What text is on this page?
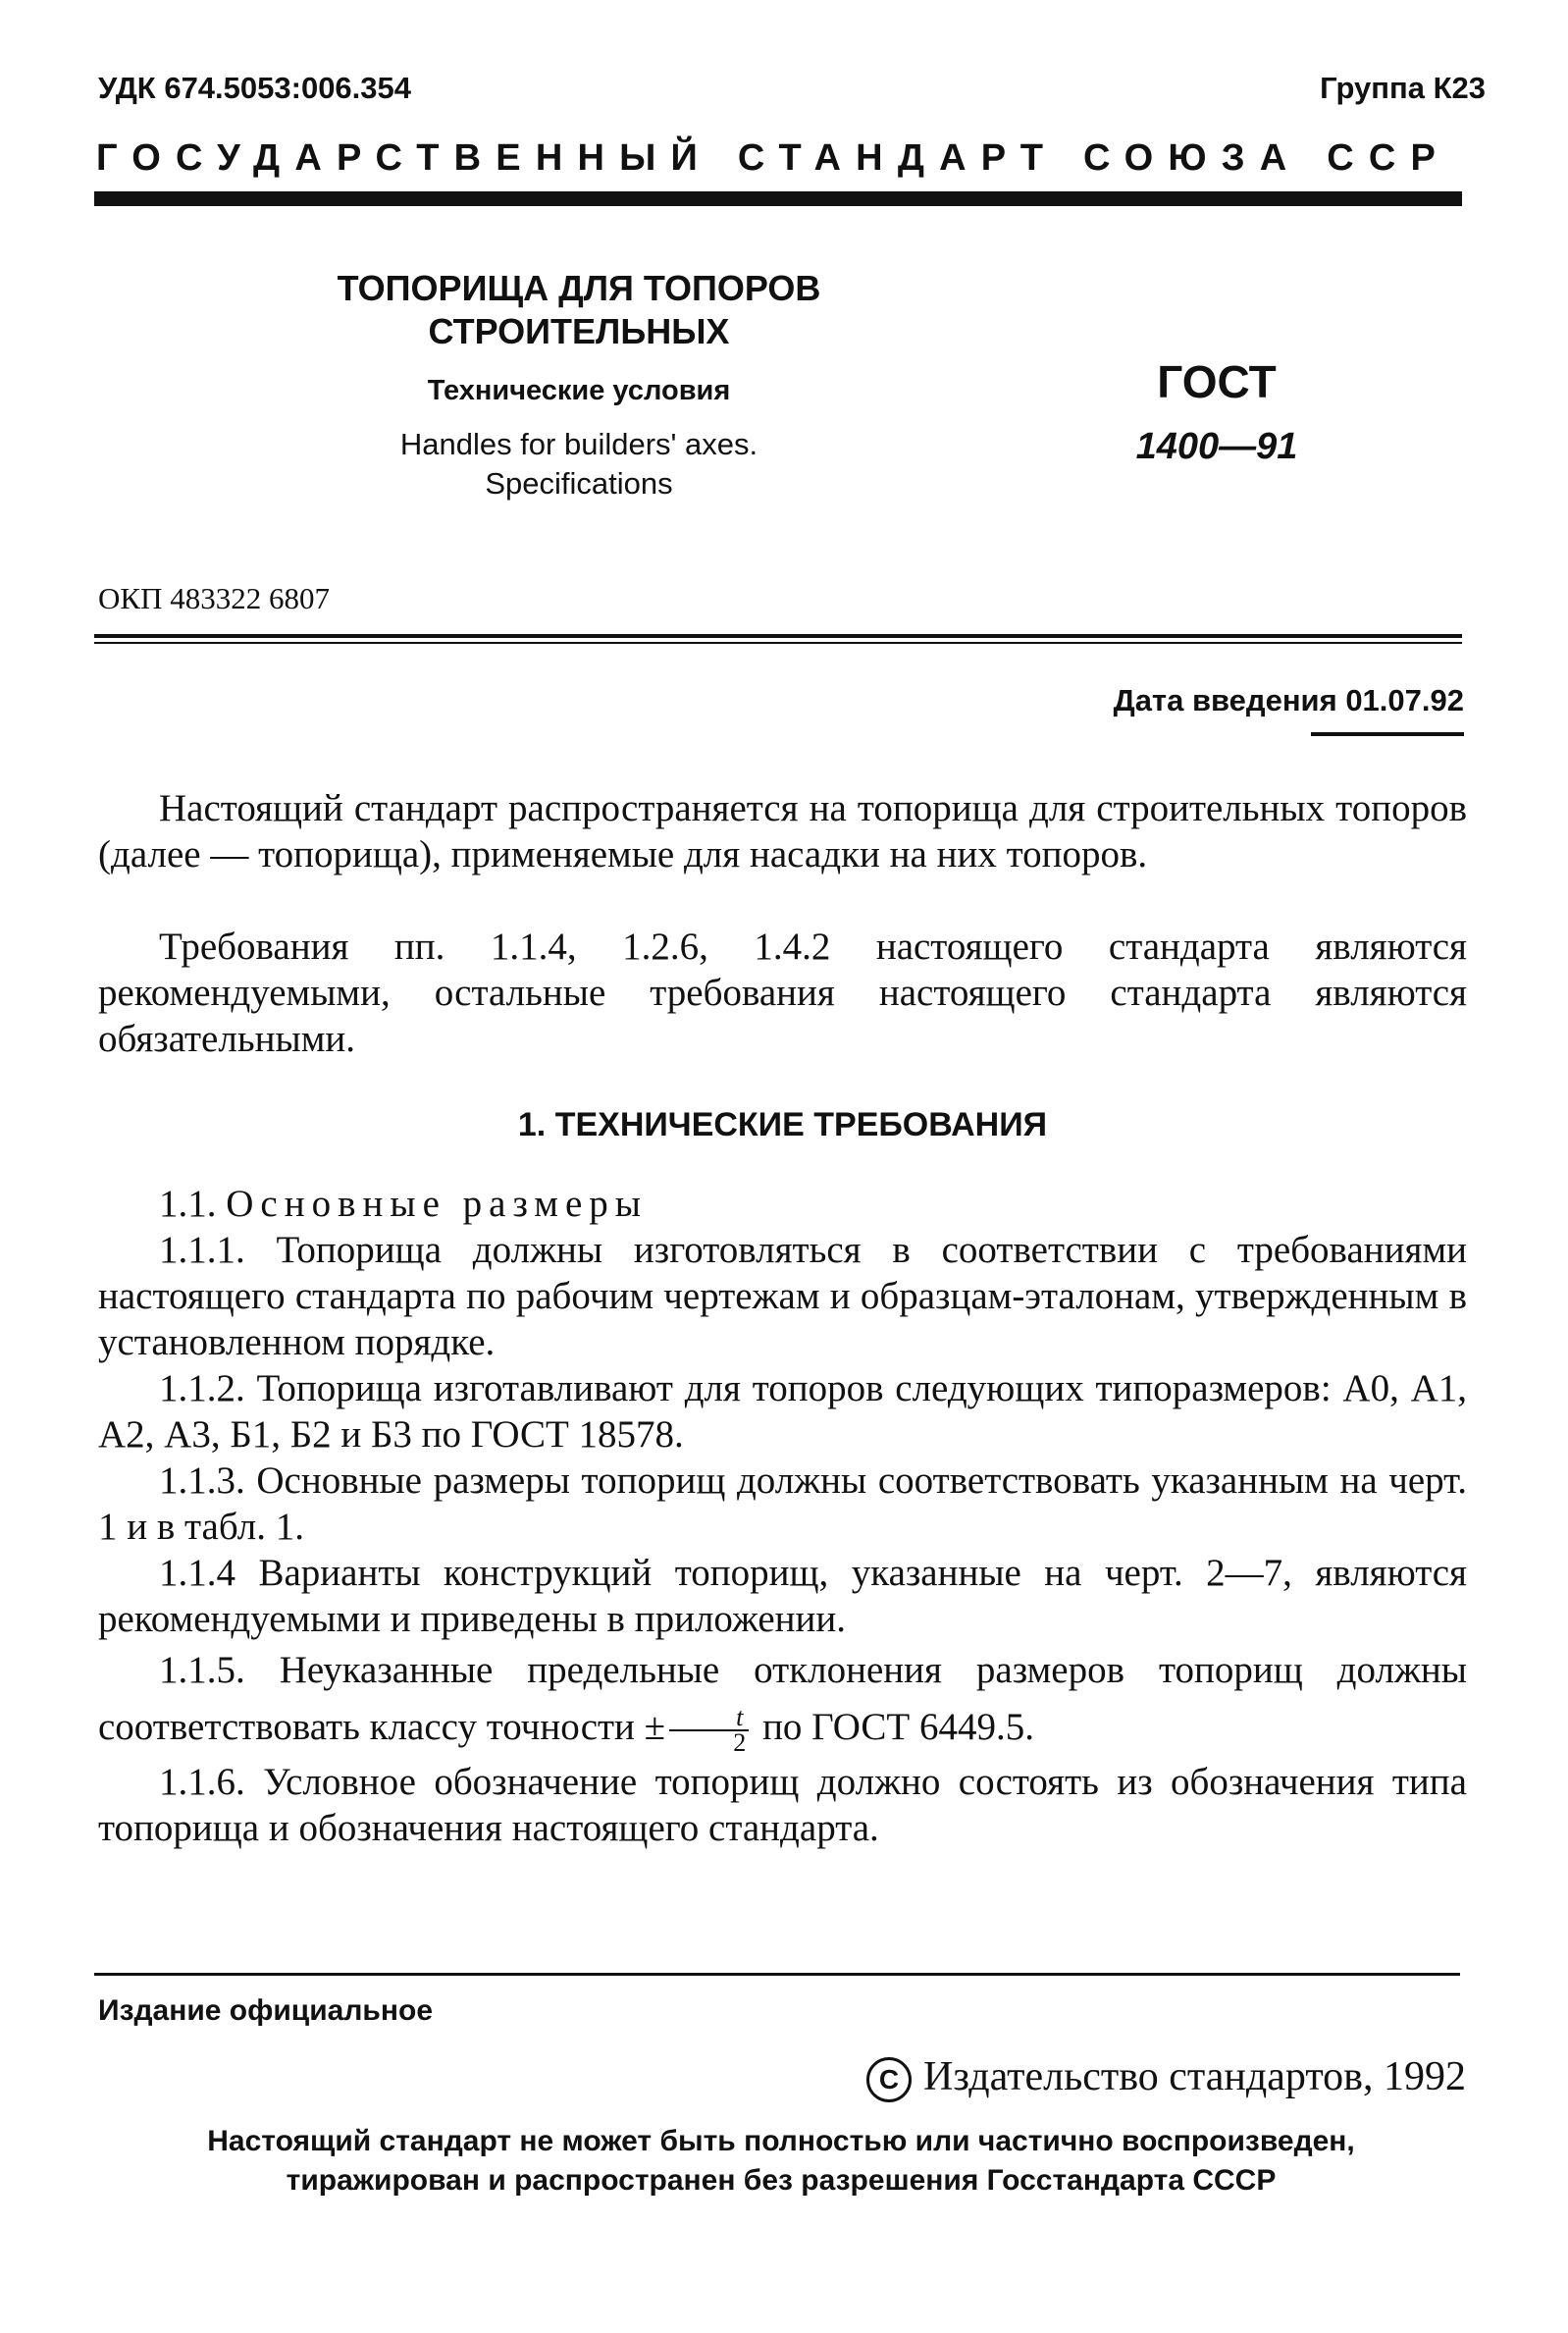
УДК 674.5053:006.354	Группа К23
ГОСУДАРСТВЕННЫЙ СТАНДАРТ СОЮЗА ССР
ТОПОРИЩА ДЛЯ ТОПОРОВ
СТРОИТЕЛЬНЫХ
Технические условия
Handles for builders' axes.
Specifications
ГОСТ
1400—91
ОКП 483322 6807
Дата введения 01.07.92
Настоящий стандарт распространяется на топорища для строительных топоров (далее — топорища), применяемые для насадки на них топоров.
Требования пп. 1.1.4, 1.2.6, 1.4.2 настоящего стандарта являются рекомендуемыми, остальные требования настоящего стандарта являются обязательными.
1. ТЕХНИЧЕСКИЕ ТРЕБОВАНИЯ
1.1. Основные размеры
1.1.1. Топорища должны изготовляться в соответствии с требованиями настоящего стандарта по рабочим чертежам и образцам-эталонам, утвержденным в установленном порядке.
1.1.2. Топорища изготавливают для топоров следующих типоразмеров: А0, А1, А2, А3, Б1, Б2 и Б3 по ГОСТ 18578.
1.1.3. Основные размеры топорищ должны соответствовать указанным на черт. 1 и в табл. 1.
1.1.4 Варианты конструкций топорищ, указанные на черт. 2—7, являются рекомендуемыми и приведены в приложении.
1.1.5. Неуказанные предельные отклонения размеров топорищ должны соответствовать классу точности ± $\frac{t}{2}$ по ГОСТ 6449.5.
1.1.6. Условное обозначение топорищ должно состоять из обозначения типа топорища и обозначения настоящего стандарта.
Издание официальное
С Издательство стандартов, 1992
Настоящий стандарт не может быть полностью или частично воспроизведен,
тиражирован и распространен без разрешения Госстандарта СССР
